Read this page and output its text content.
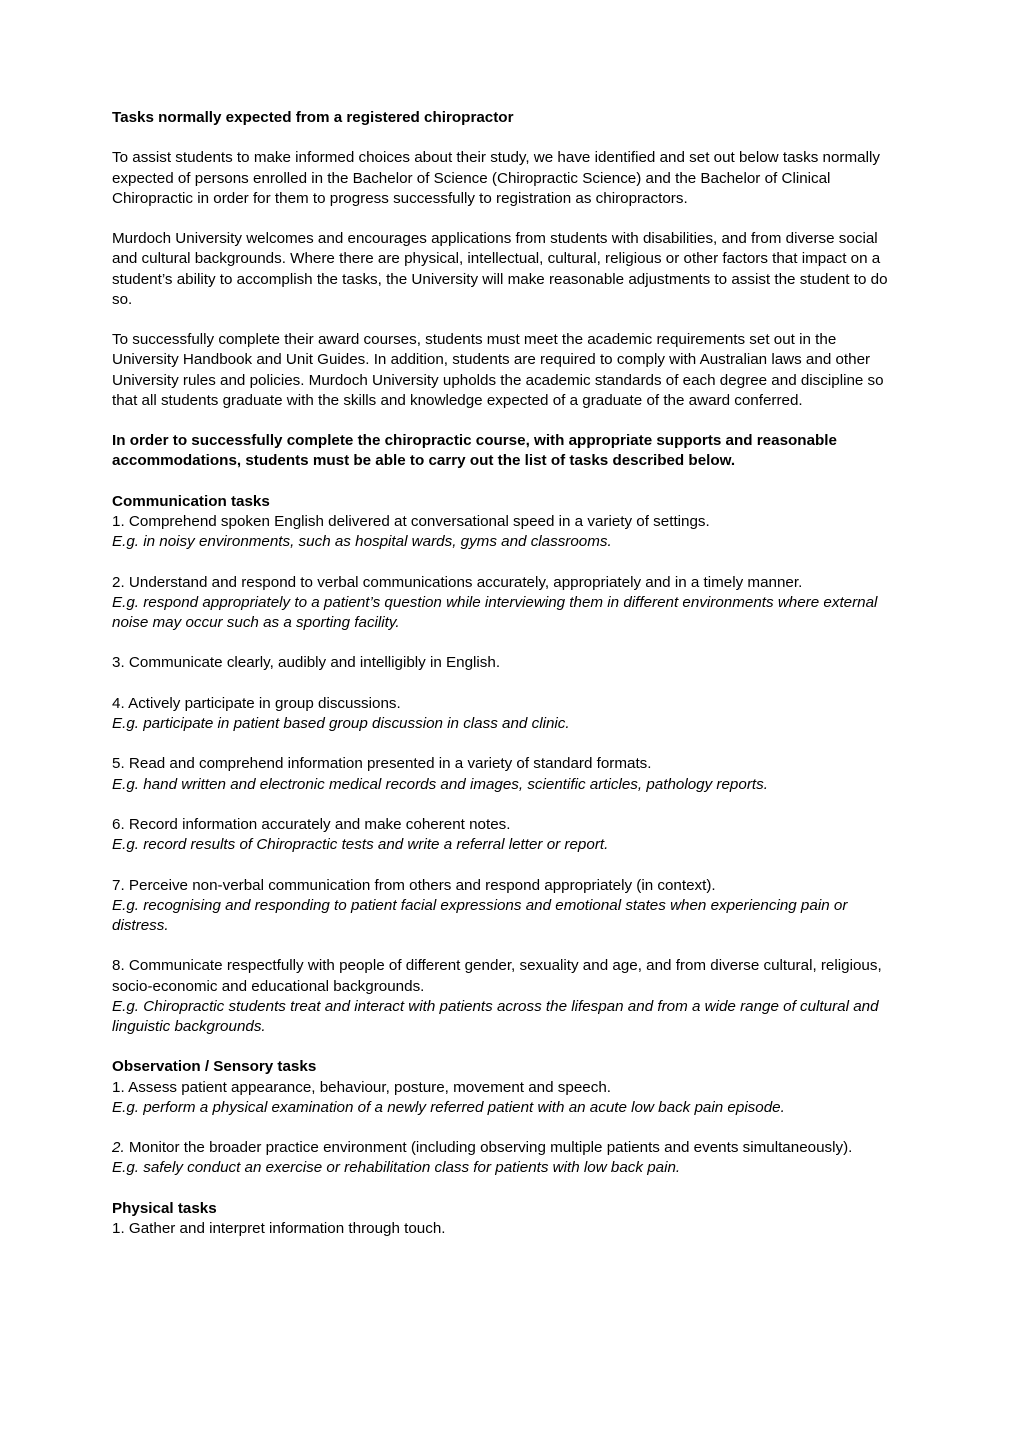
Tasks normally expected from a registered chiropractor
To assist students to make informed choices about their study, we have identified and set out below tasks normally expected of persons enrolled in the Bachelor of Science (Chiropractic Science) and the Bachelor of Clinical Chiropractic in order for them to progress successfully to registration as chiropractors.
Murdoch University welcomes and encourages applications from students with disabilities, and from diverse social and cultural backgrounds. Where there are physical, intellectual, cultural, religious or other factors that impact on a student’s ability to accomplish the tasks, the University will make reasonable adjustments to assist the student to do so.
To successfully complete their award courses, students must meet the academic requirements set out in the University Handbook and Unit Guides. In addition, students are required to comply with Australian laws and other University rules and policies. Murdoch University upholds the academic standards of each degree and discipline so that all students graduate with the skills and knowledge expected of a graduate of the award conferred.
In order to successfully complete the chiropractic course, with appropriate supports and reasonable accommodations, students must be able to carry out the list of tasks described below.
Communication tasks
1. Comprehend spoken English delivered at conversational speed in a variety of settings.
E.g. in noisy environments, such as hospital wards, gyms and classrooms.
2. Understand and respond to verbal communications accurately, appropriately and in a timely manner.
E.g. respond appropriately to a patient’s question while interviewing them in different environments where external noise may occur such as a sporting facility.
3. Communicate clearly, audibly and intelligibly in English.
4. Actively participate in group discussions.
E.g. participate in patient based group discussion in class and clinic.
5. Read and comprehend information presented in a variety of standard formats.
E.g. hand written and electronic medical records and images, scientific articles, pathology reports.
6. Record information accurately and make coherent notes.
E.g. record results of Chiropractic tests and write a referral letter or report.
7. Perceive non-verbal communication from others and respond appropriately (in context).
E.g. recognising and responding to patient facial expressions and emotional states when experiencing pain or distress.
8. Communicate respectfully with people of different gender, sexuality and age, and from diverse cultural, religious, socio-economic and educational backgrounds.
E.g. Chiropractic students treat and interact with patients across the lifespan and from a wide range of cultural and linguistic backgrounds.
Observation / Sensory tasks
1. Assess patient appearance, behaviour, posture, movement and speech.
E.g. perform a physical examination of a newly referred patient with an acute low back pain episode.
2. Monitor the broader practice environment (including observing multiple patients and events simultaneously).
E.g. safely conduct an exercise or rehabilitation class for patients with low back pain.
Physical tasks
1. Gather and interpret information through touch.
